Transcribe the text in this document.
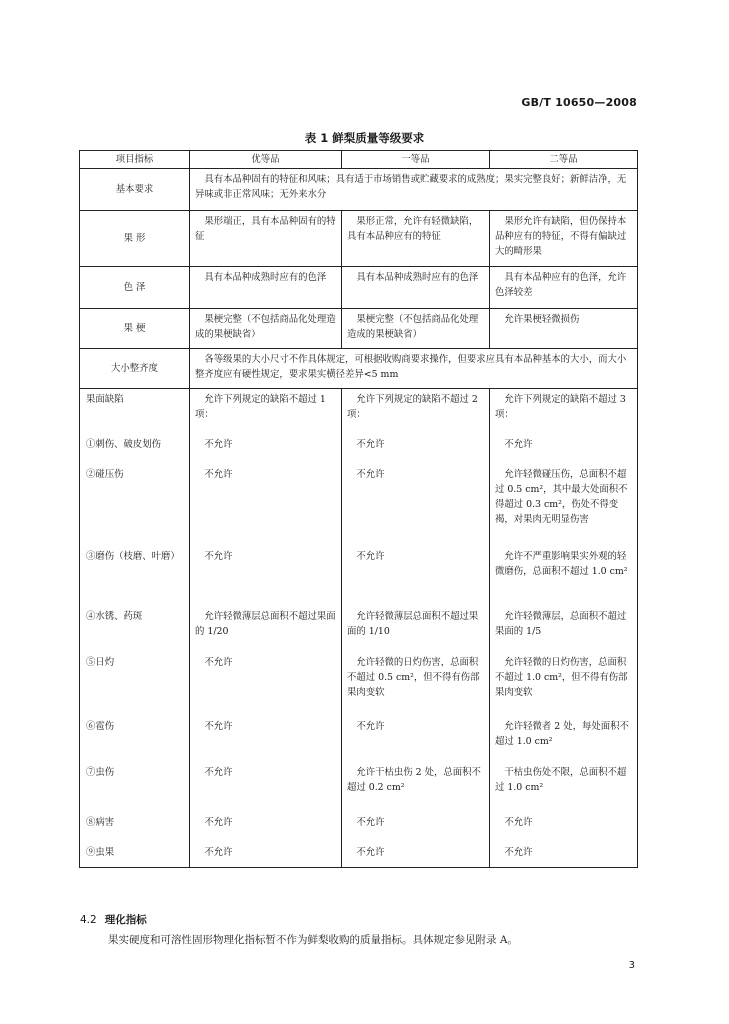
GB/T 10650—2008
表 1 鲜梨质量等级要求
项目指标	优等品	一等品	二等品
基本要求	具有本品种固有的特征和风味；具有适于市场销售或贮藏要求的成熟度；果实完整良好；新鲜洁净，无异味或非正常风味；无外来水分		

果 形	果形端正，具有本品种固有的特征	果形正常，允许有轻微缺陷，具有本品种应有的特征	果形允许有缺陷，但仍保持本品种应有的特征，不得有偏缺过大的畸形果

色 泽	具有本品种成熟时应有的色泽	具有本品种成熟时应有的色泽	具有本品种应有的色泽，允许色泽较差

果 梗	果梗完整（不包括商品化处理造成的果梗缺省）	果梗完整（不包括商品化处理造成的果梗缺省）	允许果梗轻微损伤

大小整齐度	各等级果的大小尺寸不作具体规定，可根据收购商要求操作，但要求应具有本品种基本的大小，而大小整齐度应有硬性规定，要求果实横径差异<5 mm		

果面缺陷	允许下列规定的缺陷不超过 1 项：	允许下列规定的缺陷不超过 2 项：	允许下列规定的缺陷不超过 3 项：

①刺伤、破皮划伤	不允许	不允许	不允许

②碰压伤	不允许	不允许	允许轻微碰压伤，总面积不超过 0.5 cm²，其中最大处面积不得超过 0.3 cm²，伤处不得变褐，对果肉无明显伤害

③磨伤（枝磨、叶磨）	不允许	不允许	允许不严重影响果实外观的轻微磨伤，总面积不超过 1.0 cm²

④水锈、药斑	允许轻微薄层总面积不超过果面的 1/20	允许轻微薄层总面积不超过果面的 1/10	允许轻微薄层，总面积不超过果面的 1/5

⑤日灼	不允许	允许轻微的日灼伤害，总面积不超过 0.5 cm²，但不得有伤部果肉变软	允许轻微的日灼伤害，总面积不超过 1.0 cm²，但不得有伤部果肉变软

⑥雹伤	不允许	不允许	允许轻微者 2 处，每处面积不超过 1.0 cm²

⑦虫伤	不允许	允许干枯虫伤 2 处，总面积不超过 0.2 cm²	干枯虫伤处不限，总面积不超过 1.0 cm²

⑧病害	不允许	不允许	不允许

⑨虫果	不允许	不允许	不允许
4.2 理化指标
果实硬度和可溶性固形物理化指标暂不作为鲜梨收购的质量指标。具体规定参见附录 A。
3
